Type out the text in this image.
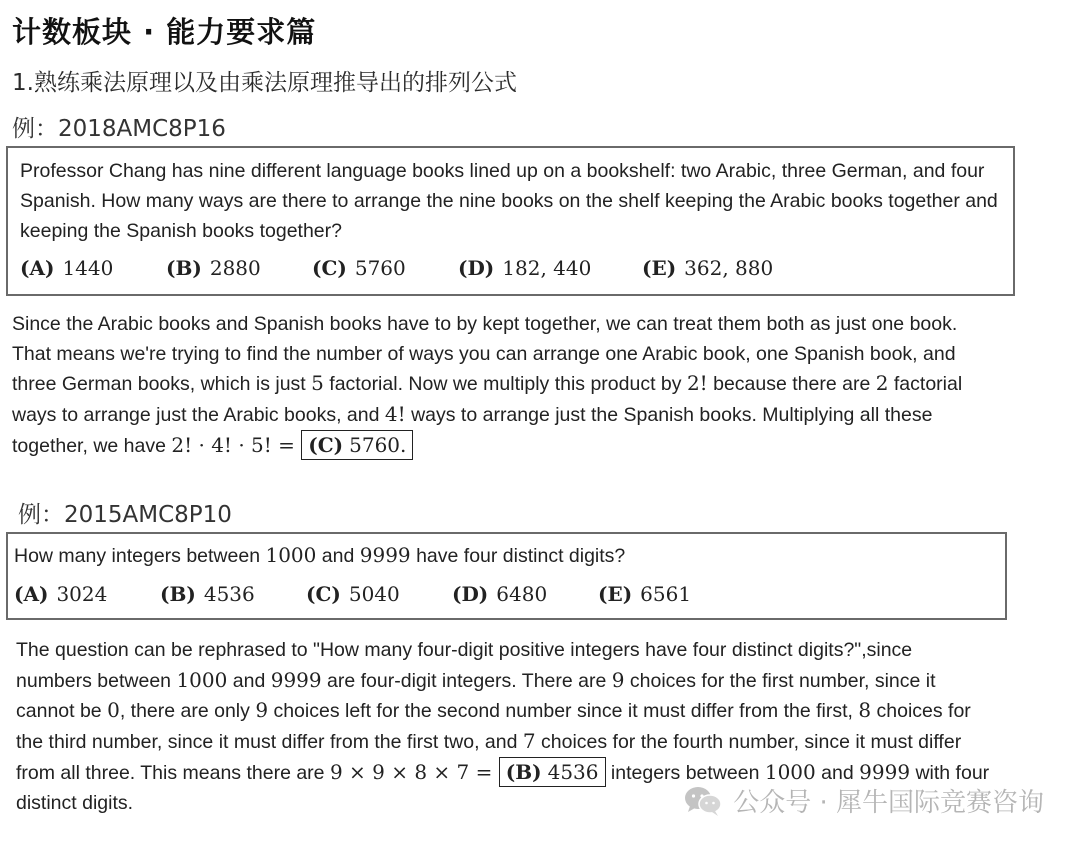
计数板块 · 能力要求篇
1.熟练乘法原理以及由乘法原理推导出的排列公式
例：2018AMC8P16
Professor Chang has nine different language books lined up on a bookshelf: two Arabic, three German, and four Spanish. How many ways are there to arrange the nine books on the shelf keeping the Arabic books together and keeping the Spanish books together?
(A) 1440	(B) 2880	(C) 5760	(D) 182, 440	(E) 362, 880
Since the Arabic books and Spanish books have to by kept together, we can treat them both as just one book. That means we're trying to find the number of ways you can arrange one Arabic book, one Spanish book, and three German books, which is just 5 factorial. Now we multiply this product by 2! because there are 2 factorial ways to arrange just the Arabic books, and 4! ways to arrange just the Spanish books. Multiplying all these together, we have 2! · 4! · 5! = (C) 5760.
例：2015AMC8P10
How many integers between 1000 and 9999 have four distinct digits?
(A) 3024	(B) 4536	(C) 5040	(D) 6480	(E) 6561
The question can be rephrased to "How many four-digit positive integers have four distinct digits?",since numbers between 1000 and 9999 are four-digit integers. There are 9 choices for the first number, since it cannot be 0, there are only 9 choices left for the second number since it must differ from the first, 8 choices for the third number, since it must differ from the first two, and 7 choices for the fourth number, since it must differ from all three. This means there are 9 × 9 × 8 × 7 = (B) 4536 integers between 1000 and 9999 with four distinct digits.	公众号 · 犀牛国际竞赛咨询
